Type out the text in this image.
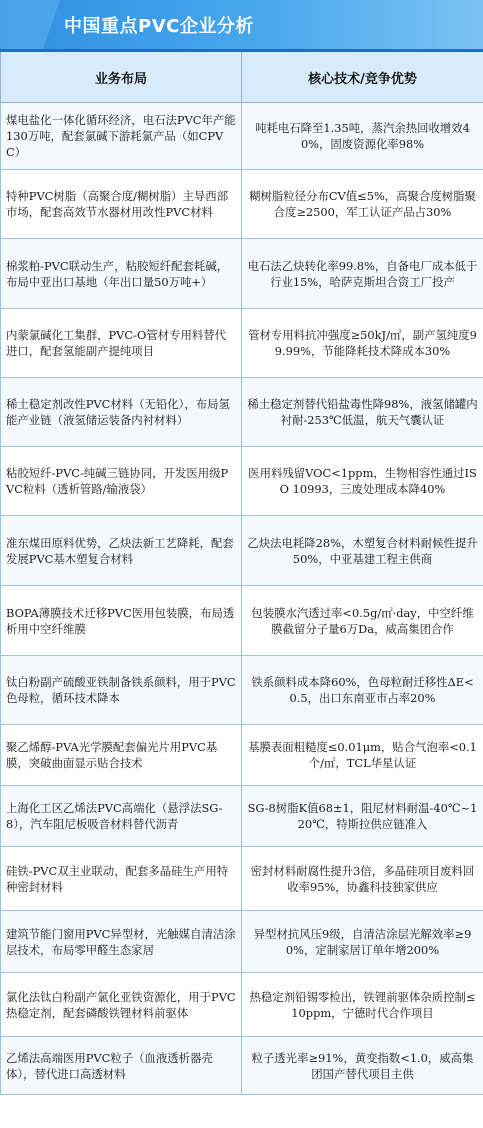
中国重点PVC企业分析
业务布局	核心技术/竞争优势
煤电盐化一体化循环经济，电石法PVC年产能130万吨，配套氯碱下游耗氯产品（如CPVC）	吨耗电石降至1.35吨，蒸汽余热回收增效40%，固废资源化率98%
特种PVC树脂（高聚合度/糊树脂）主导西部市场，配套高效节水器材用改性PVC材料	糊树脂粒径分布CV值≤5%，高聚合度树脂聚合度≥2500，军工认证产品占30%
棉浆粕-PVC联动生产，粘胶短纤配套耗碱，布局中亚出口基地（年出口量50万吨+）	电石法乙炔转化率99.8%，自备电厂成本低于行业15%，哈萨克斯坦合资工厂投产
内蒙氯碱化工集群，PVC-O管材专用料替代进口，配套氢能副产提纯项目	管材专用料抗冲强度≥50kJ/㎡，副产氢纯度99.99%，节能降耗技术降成本30%
稀土稳定剂改性PVC材料（无铅化），布局氢能产业链（液氢储运装备内衬材料）	稀土稳定剂替代铅盐毒性降98%，液氢储罐内衬耐-253℃低温，航天气囊认证
粘胶短纤-PVC-纯碱三链协同，开发医用级PVC粒料（透析管路/输液袋）	医用料残留VOC<1ppm，生物相容性通过ISO 10993，三废处理成本降40%
准东煤田原料优势，乙炔法新工艺降耗，配套发展PVC基木塑复合材料	乙炔法电耗降28%，木塑复合材料耐候性提升50%，中亚基建工程主供商
BOPA薄膜技术迁移PVC医用包装膜，布局透析用中空纤维膜	包装膜水汽透过率<0.5g/㎡·day，中空纤维膜截留分子量6万Da，威高集团合作
钛白粉副产硫酸亚铁制备铁系颜料，用于PVC色母粒，循环技术降本	铁系颜料成本降60%，色母粒耐迁移性ΔE<0.5，出口东南亚市占率20%
聚乙烯醇-PVA光学膜配套偏光片用PVC基膜，突破曲面显示贴合技术	基膜表面粗糙度≤0.01μm，贴合气泡率<0.1个/㎡，TCL华星认证
上海化工区乙烯法PVC高端化（悬浮法SG-8），汽车阻尼板吸音材料替代沥青	SG-8树脂K值68±1，阻尼材料耐温-40℃~120℃，特斯拉供应链准入
硅铁-PVC双主业联动，配套多晶硅生产用特种密封材料	密封材料耐腐性提升3倍，多晶硅项目废料回收率95%，协鑫科技独家供应
建筑节能门窗用PVC异型材，光触媒自清洁涂层技术，布局零甲醛生态家居	异型材抗风压9级，自清洁涂层光解效率≥90%，定制家居订单年增200%
氯化法钛白粉副产氯化亚铁资源化，用于PVC热稳定剂，配套磷酸铁锂材料前驱体	热稳定剂铅锡零检出，铁锂前驱体杂质控制≤10ppm，宁德时代合作项目
乙烯法高端医用PVC粒子（血液透析器壳体），替代进口高透材料	粒子透光率≥91%，黄变指数<1.0，威高集团国产替代项目主供
